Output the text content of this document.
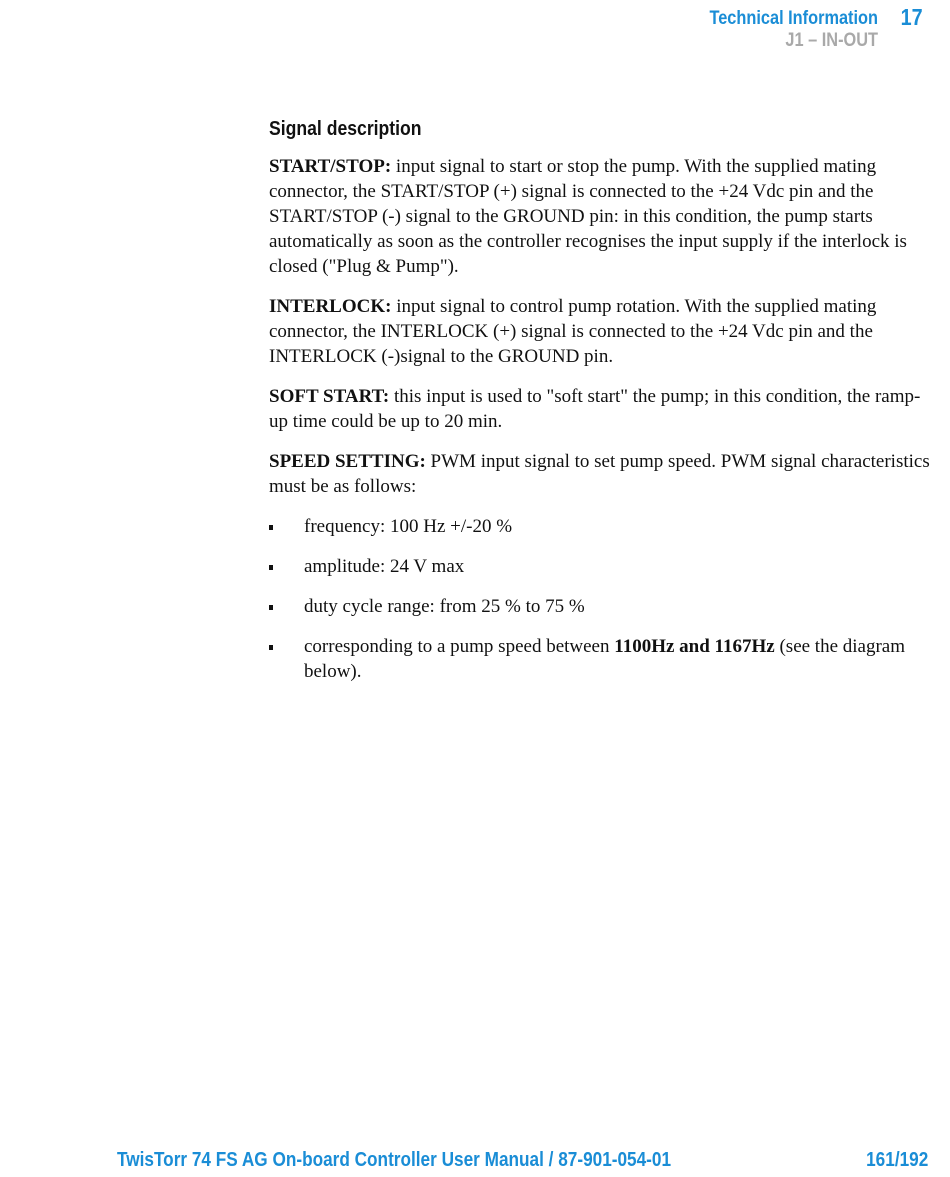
Technical Information
J1 – IN-OUT
17
Signal description

START/STOP: input signal to start or stop the pump. With the supplied mating connector, the START/STOP (+) signal is connected to the +24 Vdc pin and the START/STOP (-) signal to the GROUND pin: in this condition, the pump starts automatically as soon as the controller recognises the input supply if the interlock is closed ("Plug & Pump").

INTERLOCK: input signal to control pump rotation. With the supplied mating connector, the INTERLOCK (+) signal is connected to the +24 Vdc pin and the INTERLOCK (-)signal to the GROUND pin.

SOFT START: this input is used to "soft start" the pump; in this condition, the ramp-up time could be up to 20 min.

SPEED SETTING: PWM input signal to set pump speed. PWM signal characteristics must be as follows:

frequency: 100 Hz +/-20 %
amplitude: 24 V max
duty cycle range: from 25 % to 75 %
corresponding to a pump speed between 1100Hz and 1167Hz (see the diagram below).
TwisTorr 74 FS AG On-board Controller User Manual / 87-901-054-01	161/192
